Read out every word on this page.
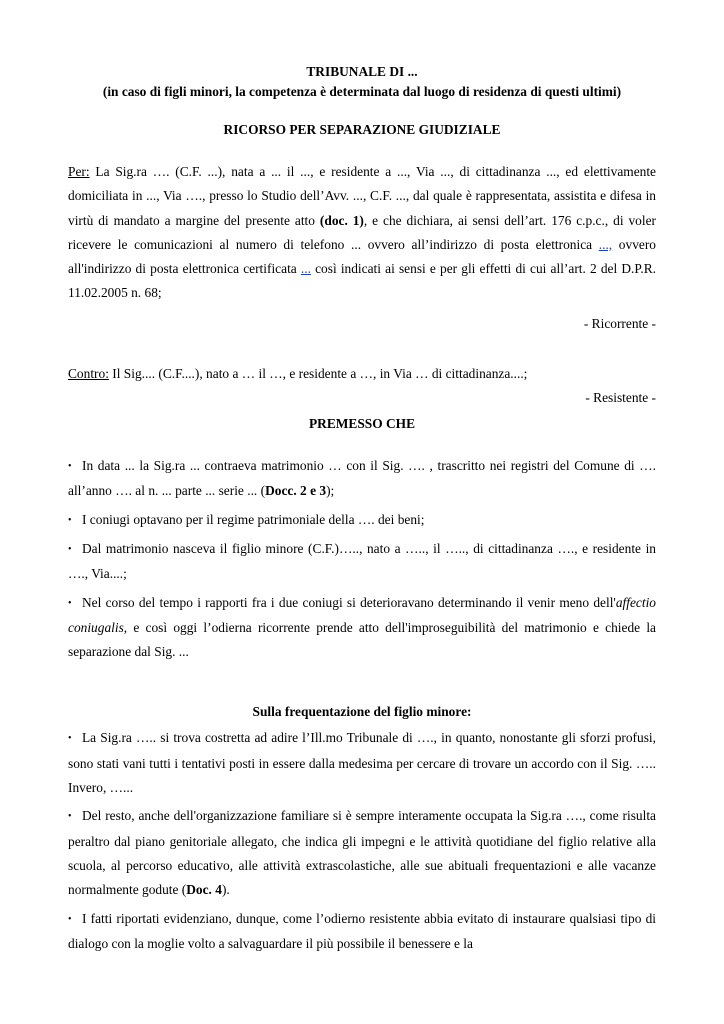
TRIBUNALE DI ...

(in caso di figli minori, la competenza è determinata dal luogo di residenza di questi ultimi)

RICORSO PER SEPARAZIONE GIUDIZIALE

Per: La Sig.ra …. (C.F. ...), nata a ... il ..., e residente a ..., Via ..., di cittadinanza ..., ed elettivamente domiciliata in ..., Via …., presso lo Studio dell’Avv. ..., C.F. ..., dal quale è rappresentata, assistita e difesa in virtù di mandato a margine del presente atto (doc. 1), e che dichiara, ai sensi dell’art. 176 c.p.c., di voler ricevere le comunicazioni al numero di telefono ... ovvero all’indirizzo di posta elettronica ..., ovvero all'indirizzo di posta elettronica certificata ... così indicati ai sensi e per gli effetti di cui all’art. 2 del D.P.R. 11.02.2005 n. 68;

- Ricorrente -

Contro: Il Sig.... (C.F....), nato a … il …, e residente a …, in Via … di cittadinanza....;

- Resistente -

PREMESSO CHE

• In data ... la Sig.ra ... contraeva matrimonio … con il Sig. …. , trascritto nei registri del Comune di …. all’anno …. al n. ... parte ... serie ... (Docc. 2 e 3);

• I coniugi optavano per il regime patrimoniale della …. dei beni;

• Dal matrimonio nasceva il figlio minore (C.F.)….., nato a ….., il ….., di cittadinanza …., e residente in …., Via....;

• Nel corso del tempo i rapporti fra i due coniugi si deterioravano determinando il venir meno dell'affectio coniugalis, e così oggi l’odierna ricorrente prende atto dell'improseguibilità del matrimonio e chiede la separazione dal Sig. ...

Sulla frequentazione del figlio minore:

• La Sig.ra ….. si trova costretta ad adire l’Ill.mo Tribunale di …., in quanto, nonostante gli sforzi profusi, sono stati vani tutti i tentativi posti in essere dalla medesima per cercare di trovare un accordo con il Sig. ….. Invero, …...

• Del resto, anche dell'organizzazione familiare si è sempre interamente occupata la Sig.ra …., come risulta peraltro dal piano genitoriale allegato, che indica gli impegni e le attività quotidiane del figlio relative alla scuola, al percorso educativo, alle attività extrascolastiche, alle sue abituali frequentazioni e alle vacanze normalmente godute (Doc. 4).

• I fatti riportati evidenziano, dunque, come l’odierno resistente abbia evitato di instaurare qualsiasi tipo di dialogo con la moglie volto a salvaguardare il più possibile il benessere e la
